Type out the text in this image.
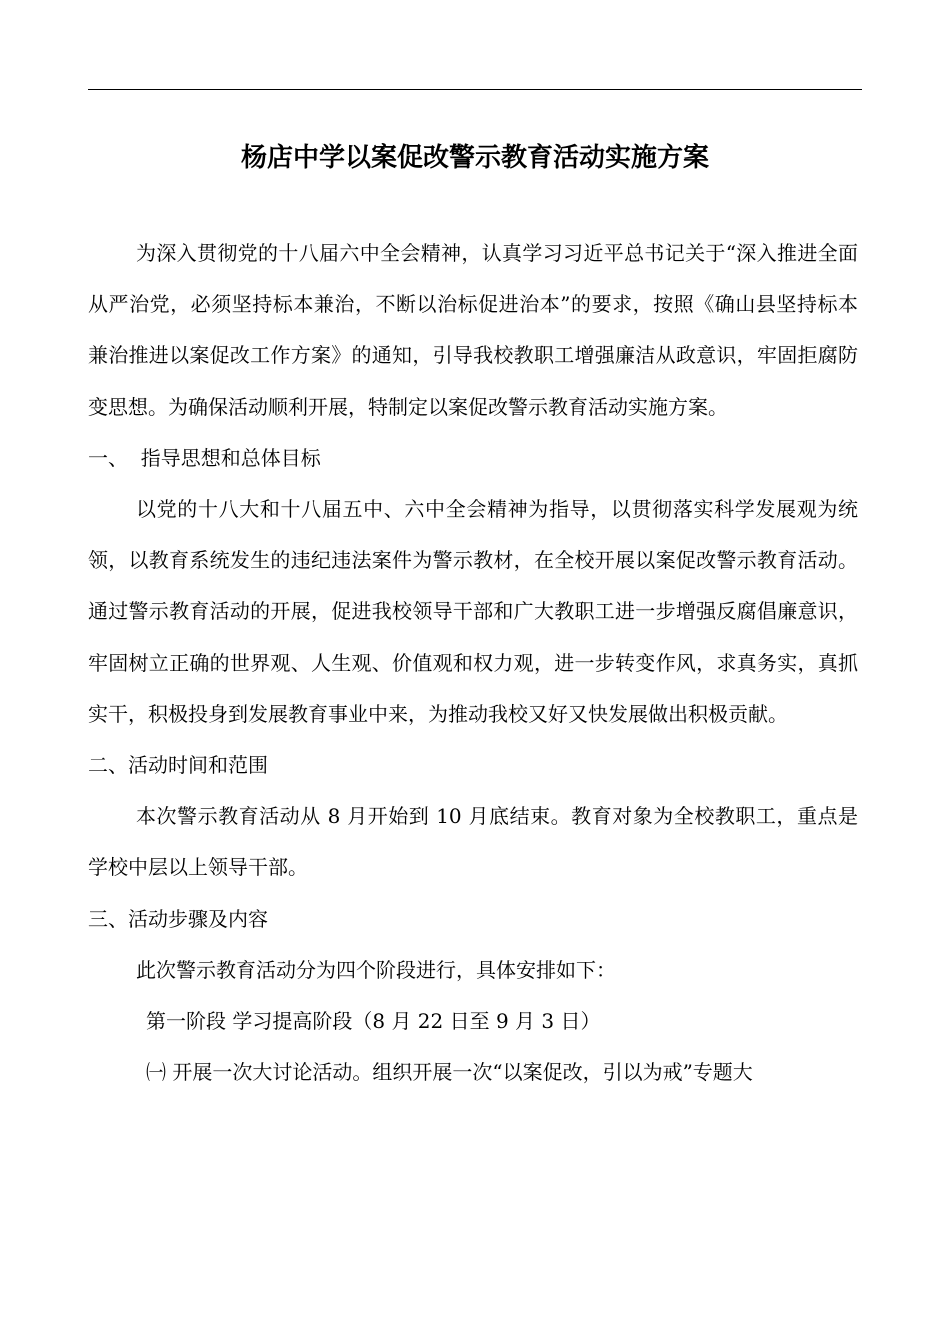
杨店中学以案促改警示教育活动实施方案

为深入贯彻党的十八届六中全会精神，认真学习习近平总书记关于“深入推进全面从严治党，必须坚持标本兼治，不断以治标促进治本”的要求，按照《确山县坚持标本兼治推进以案促改工作方案》的通知，引导我校教职工增强廉洁从政意识，牢固拒腐防变思想。为确保活动顺利开展，特制定以案促改警示教育活动实施方案。

一、  指导思想和总体目标

以党的十八大和十八届五中、六中全会精神为指导，以贯彻落实科学发展观为统领，以教育系统发生的违纪违法案件为警示教材，在全校开展以案促改警示教育活动。通过警示教育活动的开展，促进我校领导干部和广大教职工进一步增强反腐倡廉意识，牢固树立正确的世界观、人生观、价值观和权力观，进一步转变作风，求真务实，真抓实干，积极投身到发展教育事业中来，为推动我校又好又快发展做出积极贡献。

二、活动时间和范围

本次警示教育活动从 8 月开始到 10 月底结束。教育对象为全校教职工，重点是学校中层以上领导干部。

三、活动步骤及内容

此次警示教育活动分为四个阶段进行，具体安排如下：

第一阶段 学习提高阶段（8 月 22 日至 9 月 3 日）

㈠ 开展一次大讨论活动。组织开展一次“以案促改，引以为戒”专题大
